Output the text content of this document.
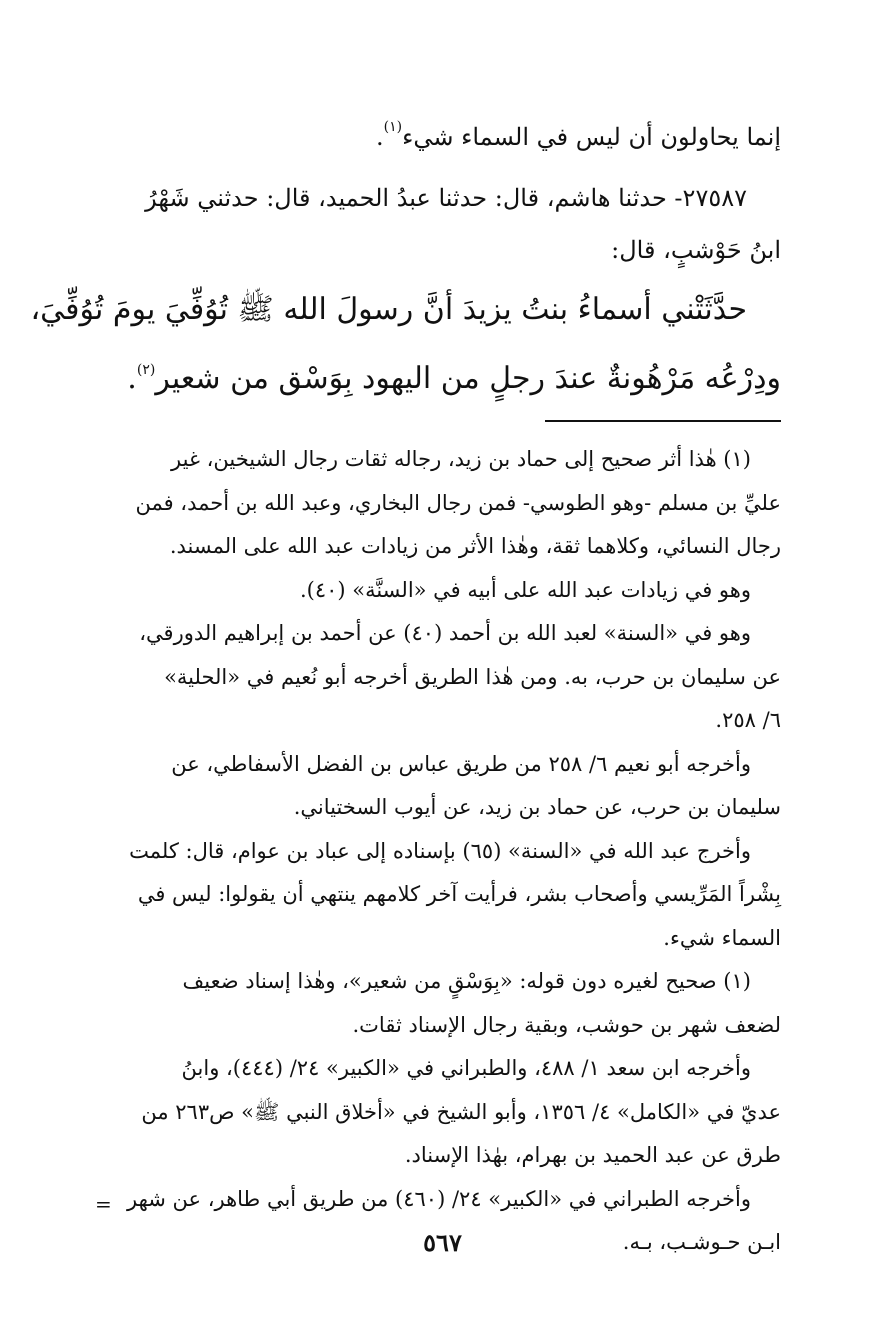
إنما يحاولون أن ليس في السماء شيء$^{(١)}$.
٢٧٥٨٧- حدثنا هاشم، قال: حدثنا عبدُ الحميد، قال: حدثني شَهْرُ
ابنُ حَوْشبٍ، قال:
حدَّثَتْني أسماءُ بنتُ يزيدَ أنَّ رسولَ الله ﷺ تُوُفِّيَ يومَ تُوُفِّيَ،
ودِرْعُه مَرْهُونةٌ عندَ رجلٍ من اليهود بِوَسْق من شعير$^{(٢)}$.

(١) هٰذا أثر صحيح إلى حماد بن زيد، رجاله ثقات رجال الشيخين، غير
عليِّ بن مسلم -وهو الطوسي- فمن رجال البخاري، وعبد الله بن أحمد، فمن
رجال النسائي، وكلاهما ثقة، وهٰذا الأثر من زيادات عبد الله على المسند.

وهو في زيادات عبد الله على أبيه في «السنَّة» (٤٠).

وهو في «السنة» لعبد الله بن أحمد (٤٠) عن أحمد بن إبراهيم الدورقي،
عن سليمان بن حرب، به. ومن هٰذا الطريق أخرجه أبو نُعيم في «الحلية»
٦/ ٢٥٨.

وأخرجه أبو نعيم ٦/ ٢٥٨ من طريق عباس بن الفضل الأسفاطي، عن
سليمان بن حرب، عن حماد بن زيد، عن أيوب السختياني.

وأخرج عبد الله في «السنة» (٦٥) بإسناده إلى عباد بن عوام، قال: كلمت
بِشْراً المَرِّيسي وأصحاب بشر، فرأيت آخر كلامهم ينتهي أن يقولوا: ليس في
السماء شيء.

(١) صحيح لغيره دون قوله: «بِوَسْقٍ من شعير»، وهٰذا إسناد ضعيف
لضعف شهر بن حوشب، وبقية رجال الإسناد ثقات.

وأخرجه ابن سعد ١/ ٤٨٨، والطبراني في «الكبير» ٢٤/ (٤٤٤)، وابنُ
عديّ في «الكامل» ٤/ ١٣٥٦، وأبو الشيخ في «أخلاق النبي ﷺ» ص٢٦٣ من
طرق عن عبد الحميد بن بهرام، بهٰذا الإسناد.

وأخرجه الطبراني في «الكبير» ٢٤/ (٤٦٠) من طريق أبي طاهر، عن شهر
ابـن حـوشـب، بـه.

=
٥٦٧
